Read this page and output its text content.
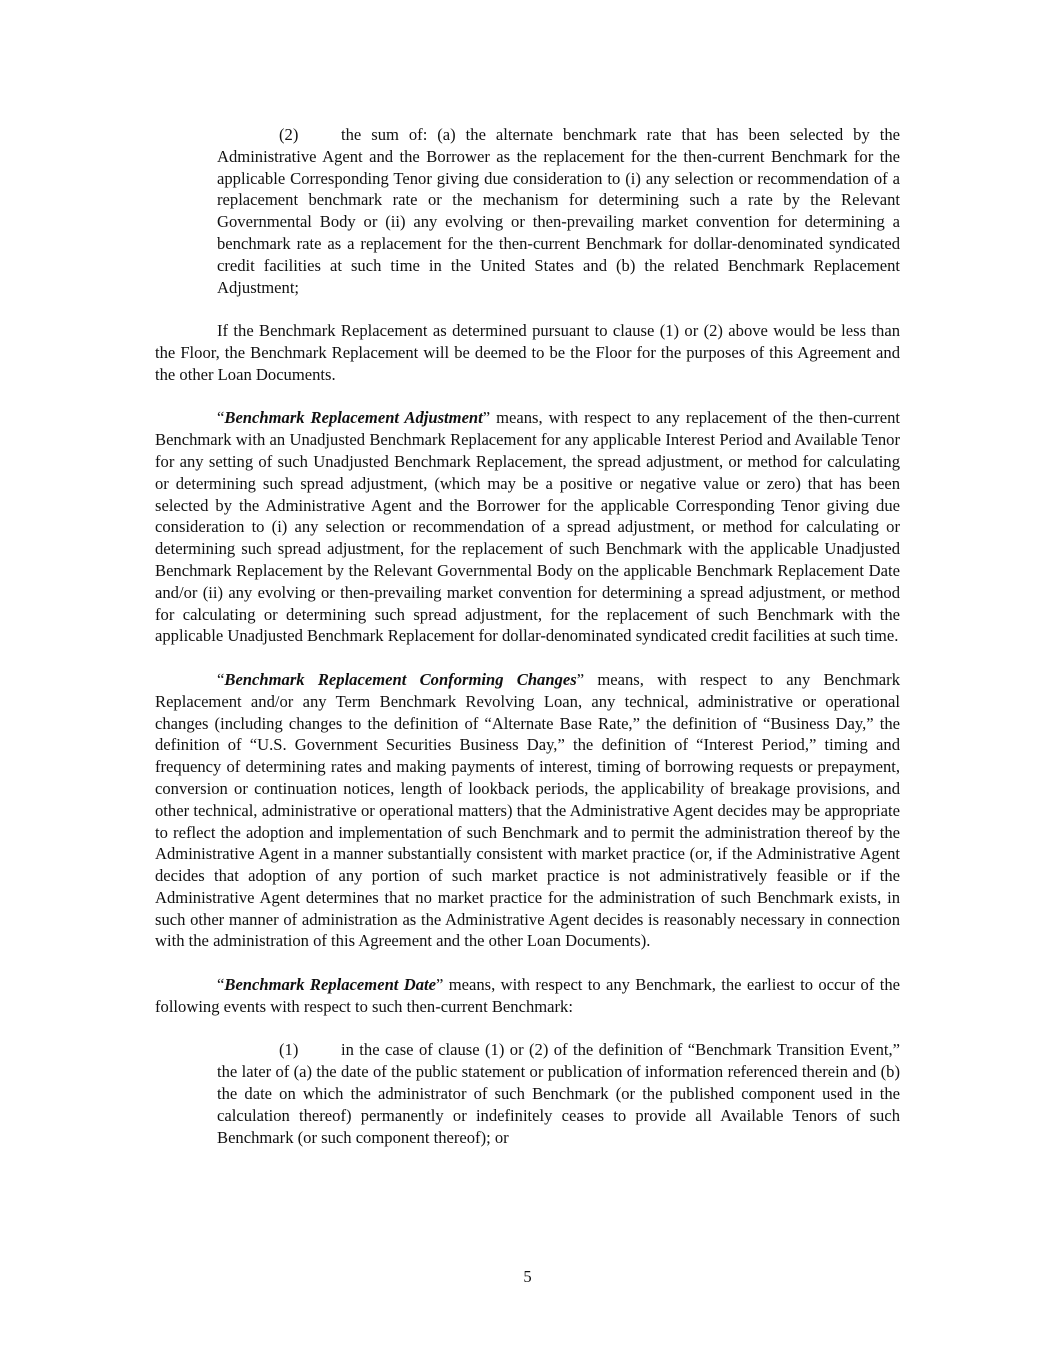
(2)	the sum of: (a) the alternate benchmark rate that has been selected by the Administrative Agent and the Borrower as the replacement for the then-current Benchmark for the applicable Corresponding Tenor giving due consideration to (i) any selection or recommendation of a replacement benchmark rate or the mechanism for determining such a rate by the Relevant Governmental Body or (ii) any evolving or then-prevailing market convention for determining a benchmark rate as a replacement for the then-current Benchmark for dollar-denominated syndicated credit facilities at such time in the United States and (b) the related Benchmark Replacement Adjustment;

If the Benchmark Replacement as determined pursuant to clause (1) or (2) above would be less than the Floor, the Benchmark Replacement will be deemed to be the Floor for the purposes of this Agreement and the other Loan Documents.

“Benchmark Replacement Adjustment” means, with respect to any replacement of the then-current Benchmark with an Unadjusted Benchmark Replacement for any applicable Interest Period and Available Tenor for any setting of such Unadjusted Benchmark Replacement, the spread adjustment, or method for calculating or determining such spread adjustment, (which may be a positive or negative value or zero) that has been selected by the Administrative Agent and the Borrower for the applicable Corresponding Tenor giving due consideration to (i) any selection or recommendation of a spread adjustment, or method for calculating or determining such spread adjustment, for the replacement of such Benchmark with the applicable Unadjusted Benchmark Replacement by the Relevant Governmental Body on the applicable Benchmark Replacement Date and/or (ii) any evolving or then-prevailing market convention for determining a spread adjustment, or method for calculating or determining such spread adjustment, for the replacement of such Benchmark with the applicable Unadjusted Benchmark Replacement for dollar-denominated syndicated credit facilities at such time.

“Benchmark Replacement Conforming Changes” means, with respect to any Benchmark Replacement and/or any Term Benchmark Revolving Loan, any technical, administrative or operational changes (including changes to the definition of “Alternate Base Rate,” the definition of “Business Day,” the definition of “U.S. Government Securities Business Day,” the definition of “Interest Period,” timing and frequency of determining rates and making payments of interest, timing of borrowing requests or prepayment, conversion or continuation notices, length of lookback periods, the applicability of breakage provisions, and other technical, administrative or operational matters) that the Administrative Agent decides may be appropriate to reflect the adoption and implementation of such Benchmark and to permit the administration thereof by the Administrative Agent in a manner substantially consistent with market practice (or, if the Administrative Agent decides that adoption of any portion of such market practice is not administratively feasible or if the Administrative Agent determines that no market practice for the administration of such Benchmark exists, in such other manner of administration as the Administrative Agent decides is reasonably necessary in connection with the administration of this Agreement and the other Loan Documents).

“Benchmark Replacement Date” means, with respect to any Benchmark, the earliest to occur of the following events with respect to such then-current Benchmark:

(1)	in the case of clause (1) or (2) of the definition of “Benchmark Transition Event,” the later of (a) the date of the public statement or publication of information referenced therein and (b) the date on which the administrator of such Benchmark (or the published component used in the calculation thereof) permanently or indefinitely ceases to provide all Available Tenors of such Benchmark (or such component thereof); or

5
